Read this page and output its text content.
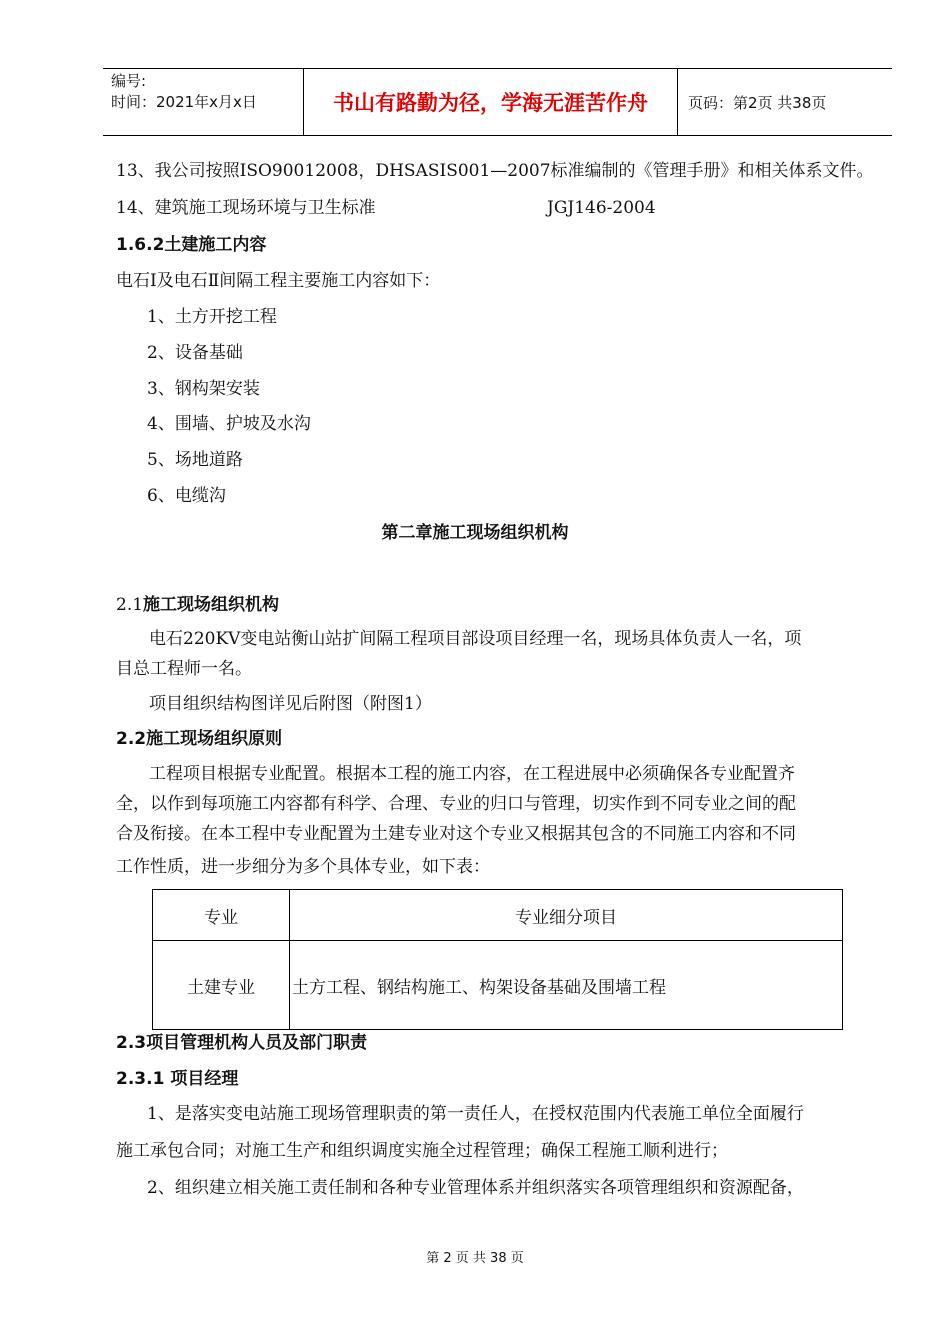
编号:
时间：2021年x月x日	书山有路勤为径，学海无涯苦作舟	页码：第2页 共38页
13、我公司按照ISO90012008，DHSASIS001—2007标准编制的《管理手册》和相关体系文件。
14、建筑施工现场环境与卫生标准	JGJ146-2004
1.6.2土建施工内容
电石Ⅰ及电石Ⅱ间隔工程主要施工内容如下：
1、土方开挖工程
2、设备基础
3、钢构架安装
4、围墙、护坡及水沟
5、场地道路
6、电缆沟
第二章施工现场组织机构
2.1施工现场组织机构
电石220KV变电站衡山站扩间隔工程项目部设项目经理一名，现场具体负责人一名，项
目总工程师一名。
项目组织结构图详见后附图（附图1）
2.2施工现场组织原则
工程项目根据专业配置。根据本工程的施工内容，在工程进展中必须确保各专业配置齐
全，以作到每项施工内容都有科学、合理、专业的归口与管理，切实作到不同专业之间的配
合及衔接。在本工程中专业配置为土建专业对这个专业又根据其包含的不同施工内容和不同
工作性质，进一步细分为多个具体专业，如下表：
专业	专业细分项目
土建专业	土方工程、钢结构施工、构架设备基础及围墙工程
2.3项目管理机构人员及部门职责
2.3.1 项目经理
1、是落实变电站施工现场管理职责的第一责任人，在授权范围内代表施工单位全面履行
施工承包合同；对施工生产和组织调度实施全过程管理；确保工程施工顺利进行；
2、组织建立相关施工责任制和各种专业管理体系并组织落实各项管理组织和资源配备，
第 2 页 共 38 页
